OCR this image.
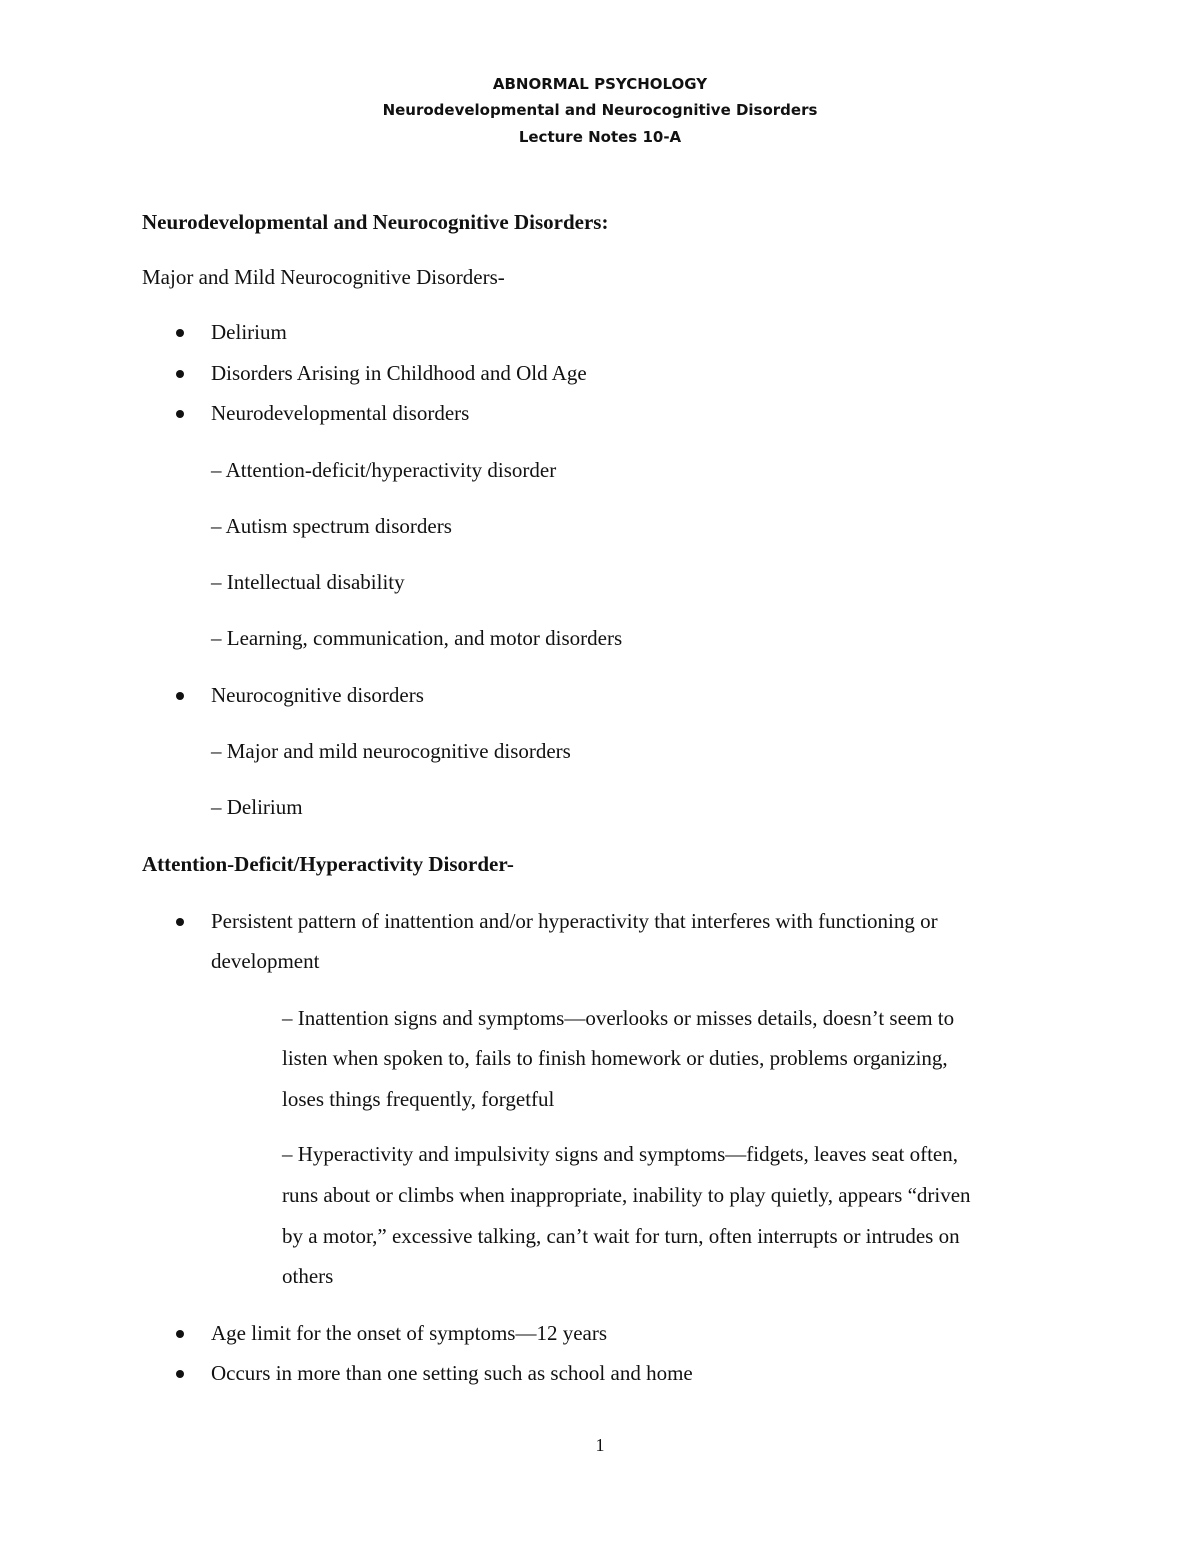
ABNORMAL PSYCHOLOGY
Neurodevelopmental and Neurocognitive Disorders
Lecture Notes 10-A
Neurodevelopmental and Neurocognitive Disorders:
Major and Mild Neurocognitive Disorders-
Delirium
Disorders Arising in Childhood and Old Age
Neurodevelopmental disorders
– Attention-deficit/hyperactivity disorder
– Autism spectrum disorders
– Intellectual disability
– Learning, communication, and motor disorders
Neurocognitive disorders
– Major and mild neurocognitive disorders
– Delirium
Attention-Deficit/Hyperactivity Disorder-
Persistent pattern of inattention and/or hyperactivity that interferes with functioning or
development
– Inattention signs and symptoms—overlooks or misses details, doesn’t seem to
listen when spoken to, fails to finish homework or duties, problems organizing,
loses things frequently, forgetful
– Hyperactivity and impulsivity signs and symptoms—fidgets, leaves seat often,
runs about or climbs when inappropriate, inability to play quietly, appears “driven
by a motor,” excessive talking, can’t wait for turn, often interrupts or intrudes on
others
Age limit for the onset of symptoms—12 years
Occurs in more than one setting such as school and home
1
